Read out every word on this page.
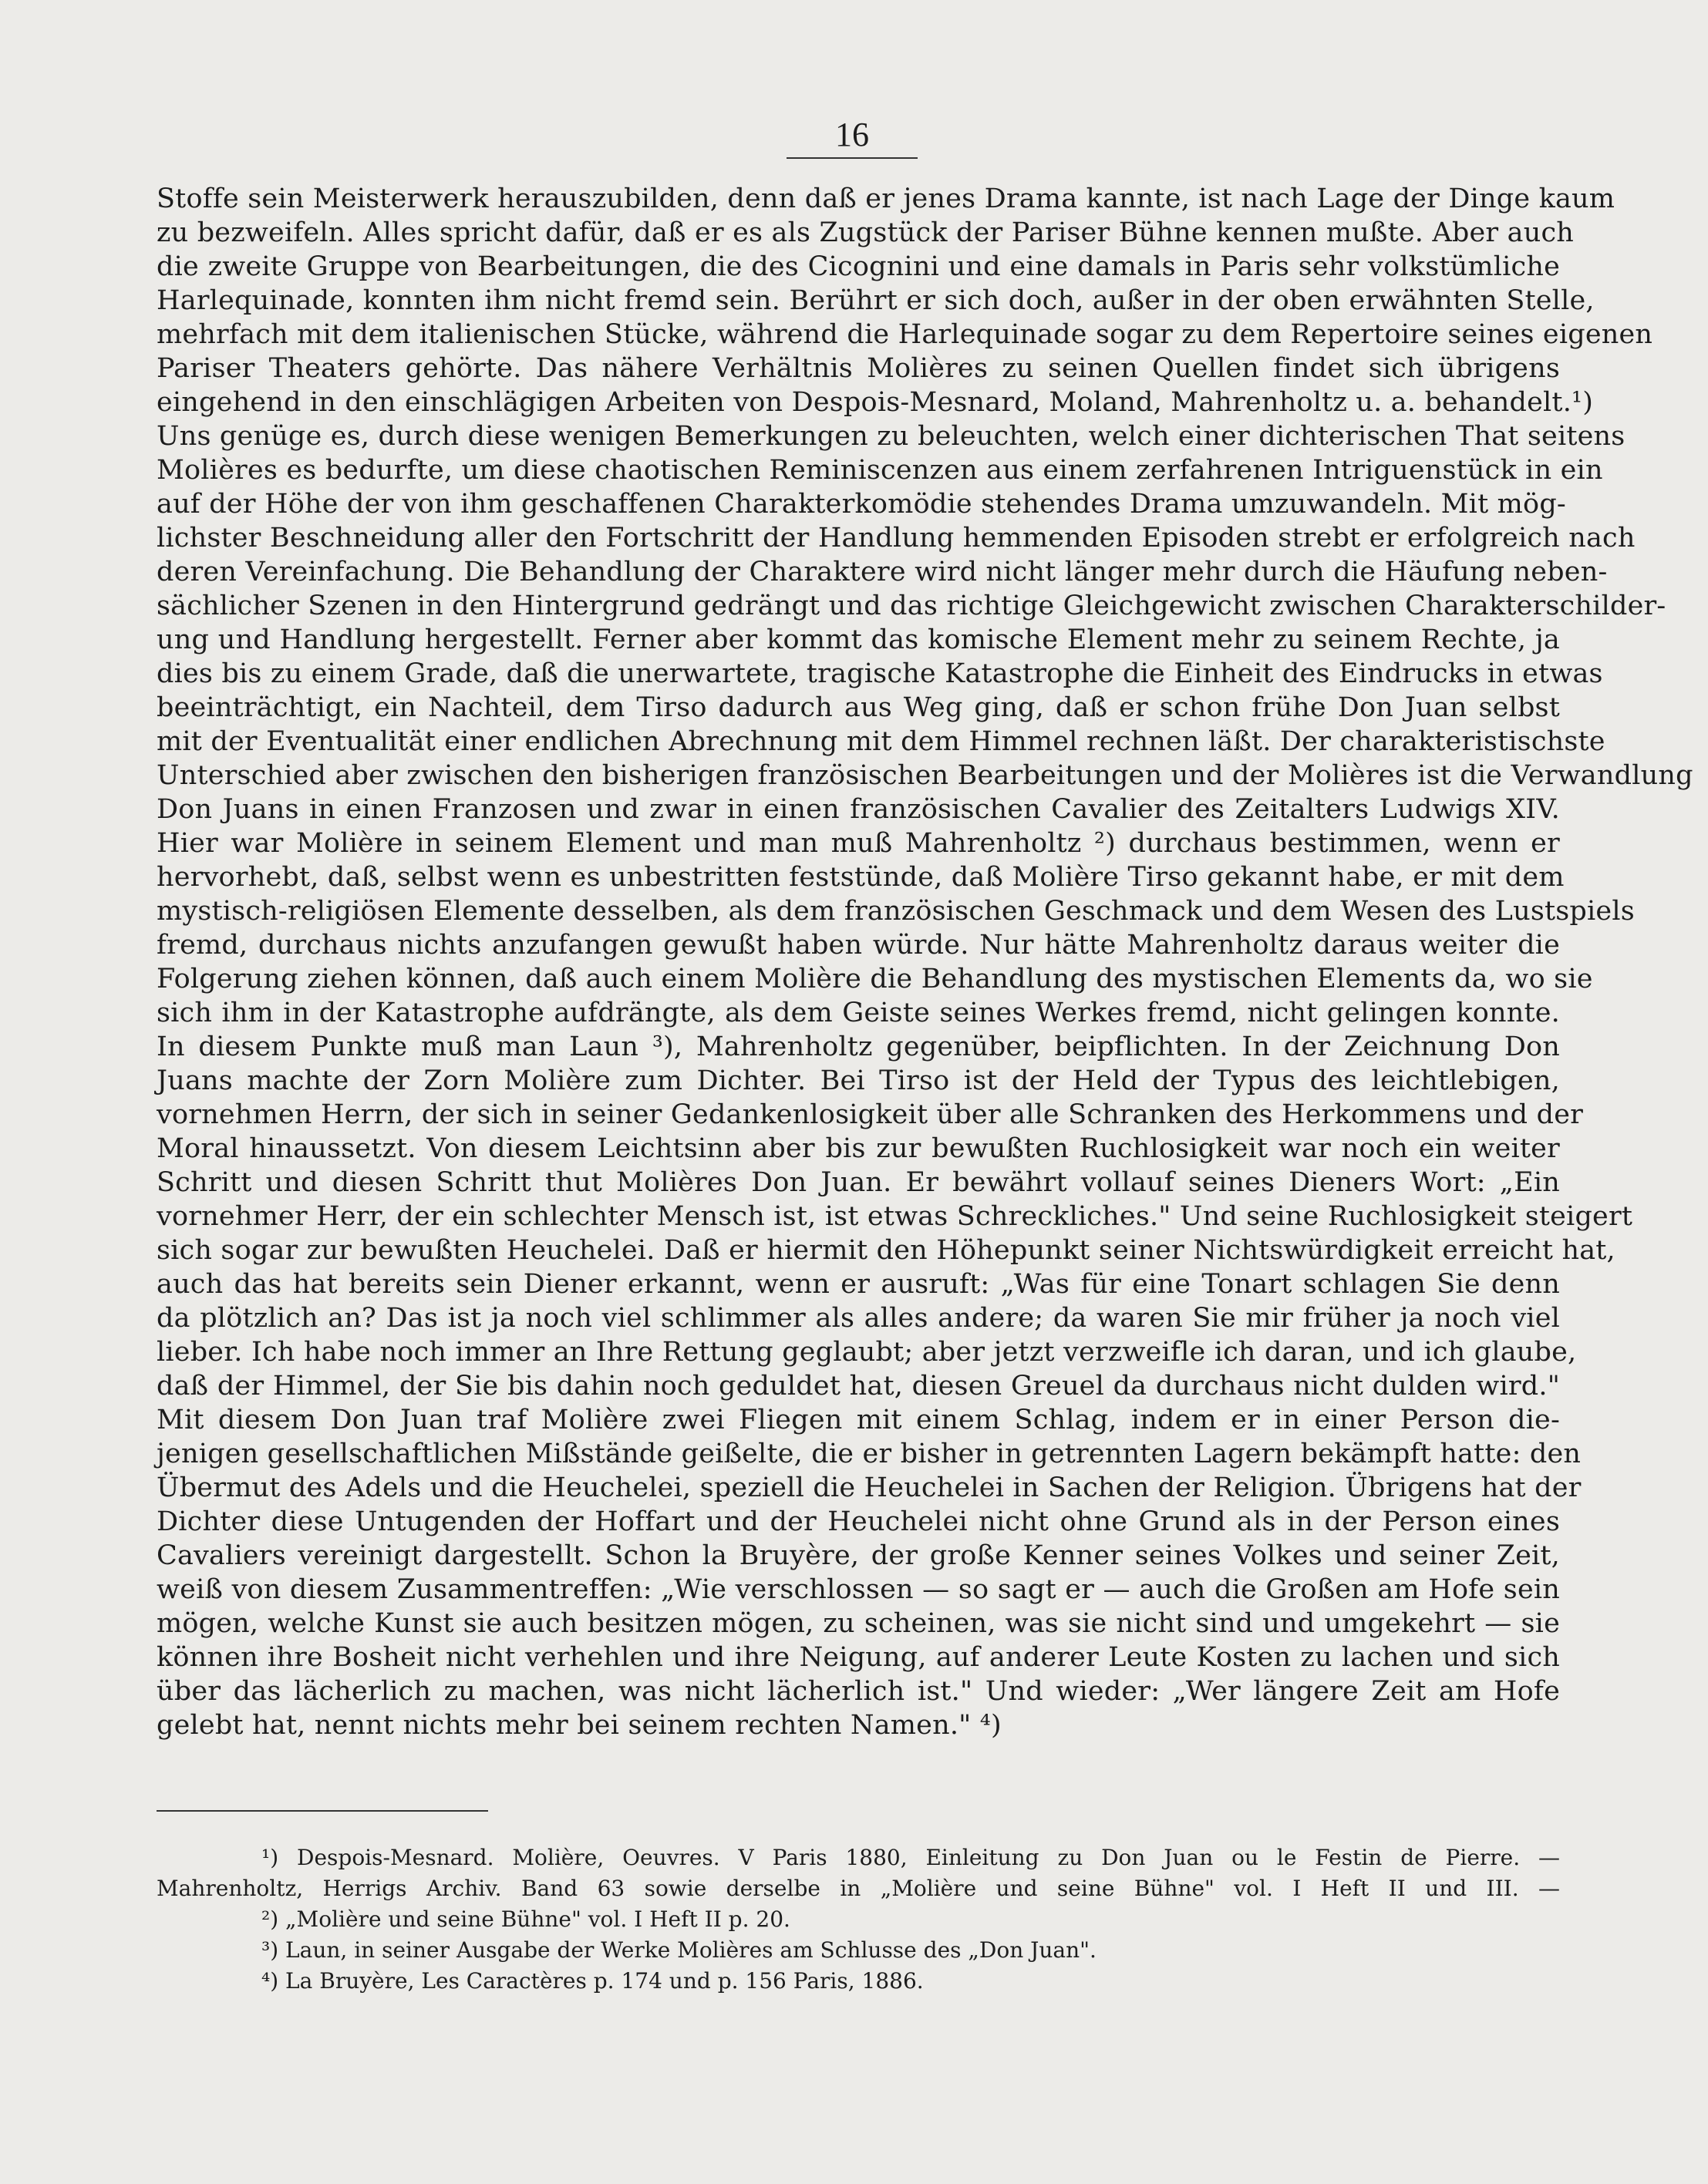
16
Stoffe sein Meisterwerk herauszubilden, denn daß er jenes Drama kannte, ist nach Lage der Dinge kaum
zu bezweifeln. Alles spricht dafür, daß er es als Zugstück der Pariser Bühne kennen mußte. Aber auch
die zweite Gruppe von Bearbeitungen, die des Cicognini und eine damals in Paris sehr volkstümliche
Harlequinade, konnten ihm nicht fremd sein. Berührt er sich doch, außer in der oben erwähnten Stelle,
mehrfach mit dem italienischen Stücke, während die Harlequinade sogar zu dem Repertoire seines eigenen
Pariser Theaters gehörte. Das nähere Verhältnis Molières zu seinen Quellen findet sich übrigens
eingehend in den einschlägigen Arbeiten von Despois-Mesnard, Moland, Mahrenholtz u. a. behandelt.¹)
Uns genüge es, durch diese wenigen Bemerkungen zu beleuchten, welch einer dichterischen That seitens
Molières es bedurfte, um diese chaotischen Reminiscenzen aus einem zerfahrenen Intriguenstück in ein
auf der Höhe der von ihm geschaffenen Charakterkomödie stehendes Drama umzuwandeln. Mit mög-
lichster Beschneidung aller den Fortschritt der Handlung hemmenden Episoden strebt er erfolgreich nach
deren Vereinfachung. Die Behandlung der Charaktere wird nicht länger mehr durch die Häufung neben-
sächlicher Szenen in den Hintergrund gedrängt und das richtige Gleichgewicht zwischen Charakterschilder-
ung und Handlung hergestellt. Ferner aber kommt das komische Element mehr zu seinem Rechte, ja
dies bis zu einem Grade, daß die unerwartete, tragische Katastrophe die Einheit des Eindrucks in etwas
beeinträchtigt, ein Nachteil, dem Tirso dadurch aus Weg ging, daß er schon frühe Don Juan selbst
mit der Eventualität einer endlichen Abrechnung mit dem Himmel rechnen läßt. Der charakteristischste
Unterschied aber zwischen den bisherigen französischen Bearbeitungen und der Molières ist die Verwandlung
Don Juans in einen Franzosen und zwar in einen französischen Cavalier des Zeitalters Ludwigs XIV.
Hier war Molière in seinem Element und man muß Mahrenholtz ²) durchaus bestimmen, wenn er
hervorhebt, daß, selbst wenn es unbestritten feststünde, daß Molière Tirso gekannt habe, er mit dem
mystisch-religiösen Elemente desselben, als dem französischen Geschmack und dem Wesen des Lustspiels
fremd, durchaus nichts anzufangen gewußt haben würde. Nur hätte Mahrenholtz daraus weiter die
Folgerung ziehen können, daß auch einem Molière die Behandlung des mystischen Elements da, wo sie
sich ihm in der Katastrophe aufdrängte, als dem Geiste seines Werkes fremd, nicht gelingen konnte.
In diesem Punkte muß man Laun ³), Mahrenholtz gegenüber, beipflichten. In der Zeichnung Don
Juans machte der Zorn Molière zum Dichter. Bei Tirso ist der Held der Typus des leichtlebigen,
vornehmen Herrn, der sich in seiner Gedankenlosigkeit über alle Schranken des Herkommens und der
Moral hinaussetzt. Von diesem Leichtsinn aber bis zur bewußten Ruchlosigkeit war noch ein weiter
Schritt und diesen Schritt thut Molières Don Juan. Er bewährt vollauf seines Dieners Wort: „Ein
vornehmer Herr, der ein schlechter Mensch ist, ist etwas Schreckliches." Und seine Ruchlosigkeit steigert
sich sogar zur bewußten Heuchelei. Daß er hiermit den Höhepunkt seiner Nichtswürdigkeit erreicht hat,
auch das hat bereits sein Diener erkannt, wenn er ausruft: „Was für eine Tonart schlagen Sie denn
da plötzlich an? Das ist ja noch viel schlimmer als alles andere; da waren Sie mir früher ja noch viel
lieber. Ich habe noch immer an Ihre Rettung geglaubt; aber jetzt verzweifle ich daran, und ich glaube,
daß der Himmel, der Sie bis dahin noch geduldet hat, diesen Greuel da durchaus nicht dulden wird."
Mit diesem Don Juan traf Molière zwei Fliegen mit einem Schlag, indem er in einer Person die-
jenigen gesellschaftlichen Mißstände geißelte, die er bisher in getrennten Lagern bekämpft hatte: den
Übermut des Adels und die Heuchelei, speziell die Heuchelei in Sachen der Religion. Übrigens hat der
Dichter diese Untugenden der Hoffart und der Heuchelei nicht ohne Grund als in der Person eines
Cavaliers vereinigt dargestellt. Schon la Bruyère, der große Kenner seines Volkes und seiner Zeit,
weiß von diesem Zusammentreffen: „Wie verschlossen — so sagt er — auch die Großen am Hofe sein
mögen, welche Kunst sie auch besitzen mögen, zu scheinen, was sie nicht sind und umgekehrt — sie
können ihre Bosheit nicht verhehlen und ihre Neigung, auf anderer Leute Kosten zu lachen und sich
über das lächerlich zu machen, was nicht lächerlich ist." Und wieder: „Wer längere Zeit am Hofe
gelebt hat, nennt nichts mehr bei seinem rechten Namen." ⁴)
¹) Despois-Mesnard. Molière, Oeuvres. V Paris 1880, Einleitung zu Don Juan ou le Festin de Pierre. —
Mahrenholtz, Herrigs Archiv. Band 63 sowie derselbe in „Molière und seine Bühne" vol. I Heft II und III. —
²) „Molière und seine Bühne" vol. I Heft II p. 20.
³) Laun, in seiner Ausgabe der Werke Molières am Schlusse des „Don Juan".
⁴) La Bruyère, Les Caractères p. 174 und p. 156 Paris, 1886.
